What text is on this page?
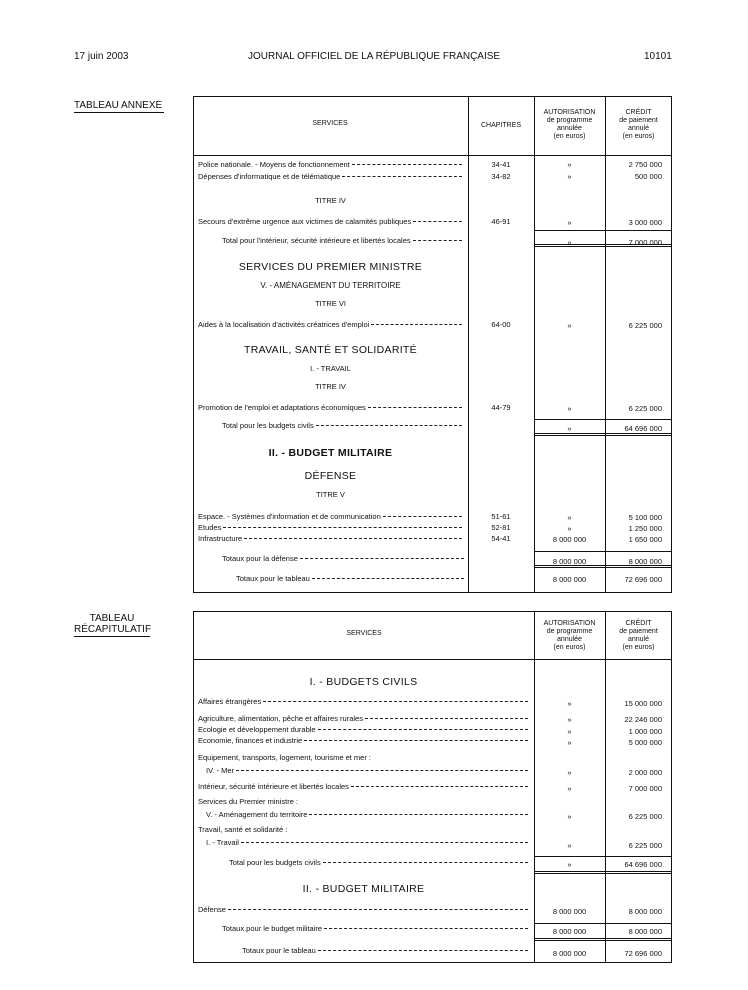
17 juin 2003	JOURNAL OFFICIEL DE LA RÉPUBLIQUE FRANÇAISE	10101
TABLEAU ANNEXE
SERVICES	CHAPITRES
AUTORISATION
de programme
annulée
(en euros)
CRÉDIT
de paiement
annulé
(en euros)
Police nationale. - Moyens de fonctionnement	34-41	»	2 750 000
Dépenses d'informatique et de télématique	34-82	»	500 000
TITRE IV
Secours d'extrême urgence aux victimes de calamités publiques	46-91	»	3 000 000
Total pour l'intérieur, sécurité intérieure et libertés locales	»	7 000 000
SERVICES DU PREMIER MINISTRE
V. - AMÉNAGEMENT DU TERRITOIRE
TITRE VI
Aides à la localisation d'activités créatrices d'emploi	64-00	»	6 225 000
TRAVAIL, SANTÉ ET SOLIDARITÉ
I. - TRAVAIL
TITRE IV
Promotion de l'emploi et adaptations économiques	44-79	»	6 225 000
Total pour les budgets civils	»	64 696 000
II. - BUDGET MILITAIRE
DÉFENSE
TITRE V
Espace. - Systèmes d'information et de communication	51-61	»	5 100 000
Etudes	52-81	»	1 250 000
Infrastructure	54-41	8 000 000	1 650 000
Totaux pour la défense	8 000 000	8 000 000
Totaux pour le tableau	8 000 000	72 696 000
TABLEAU
RÉCAPITULATIF	SERVICES
AUTORISATION
de programme
annulée
(en euros)
CRÉDIT
de paiement
annulé
(en euros)
I. - BUDGETS CIVILS
Affaires étrangères	»	15 000 000
Agriculture, alimentation, pêche et affaires rurales	»	22 246 000
Ecologie et développement durable	»	1 000 000
Economie, finances et industrie	»	5 000 000
Equipement, transports, logement, tourisme et mer :
IV. - Mer	»	2 000 000
Intérieur, sécurité intérieure et libertés locales	»	7 000 000
Services du Premier ministre :
V. - Aménagement du territoire	»	6 225 000
Travail, santé et solidarité :
I. - Travail	»	6 225 000
Total pour les budgets civils	»	64 696 000
II. - BUDGET MILITAIRE
Défense	8 000 000	8 000 000
Totaux pour le budget militaire	8 000 000	8 000 000
Totaux pour le tableau	8 000 000	72 696 000
